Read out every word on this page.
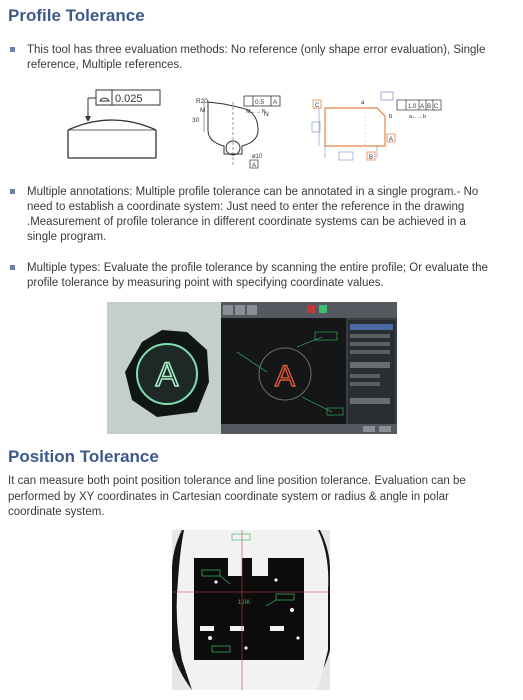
Profile Tolerance
This tool has three evaluation methods: No reference (only shape error evaluation), Single reference, Multiple references.
0.025	R20
30
M
N
0.5 A
M←→N
ø10
A
C	a
b
1.0 A B C
a←→b
A
B
Multiple annotations: Multiple profile tolerance can be annotated in a single program.- No need to establish a coordinate system: Just need to enter the reference in the drawing .Measurement of profile tolerance in different coordinate systems can be achieved in a single program.
Multiple types: Evaluate the profile tolerance by scanning the entire profile; Or evaluate the profile tolerance by measuring point with specifying coordinate values.
A	A
Position Tolerance
It can measure both point position tolerance and line position tolerance. Evaluation can be performed by XY coordinates in Cartesian coordinate system or radius & angle in polar coordinate system.
1.0K
